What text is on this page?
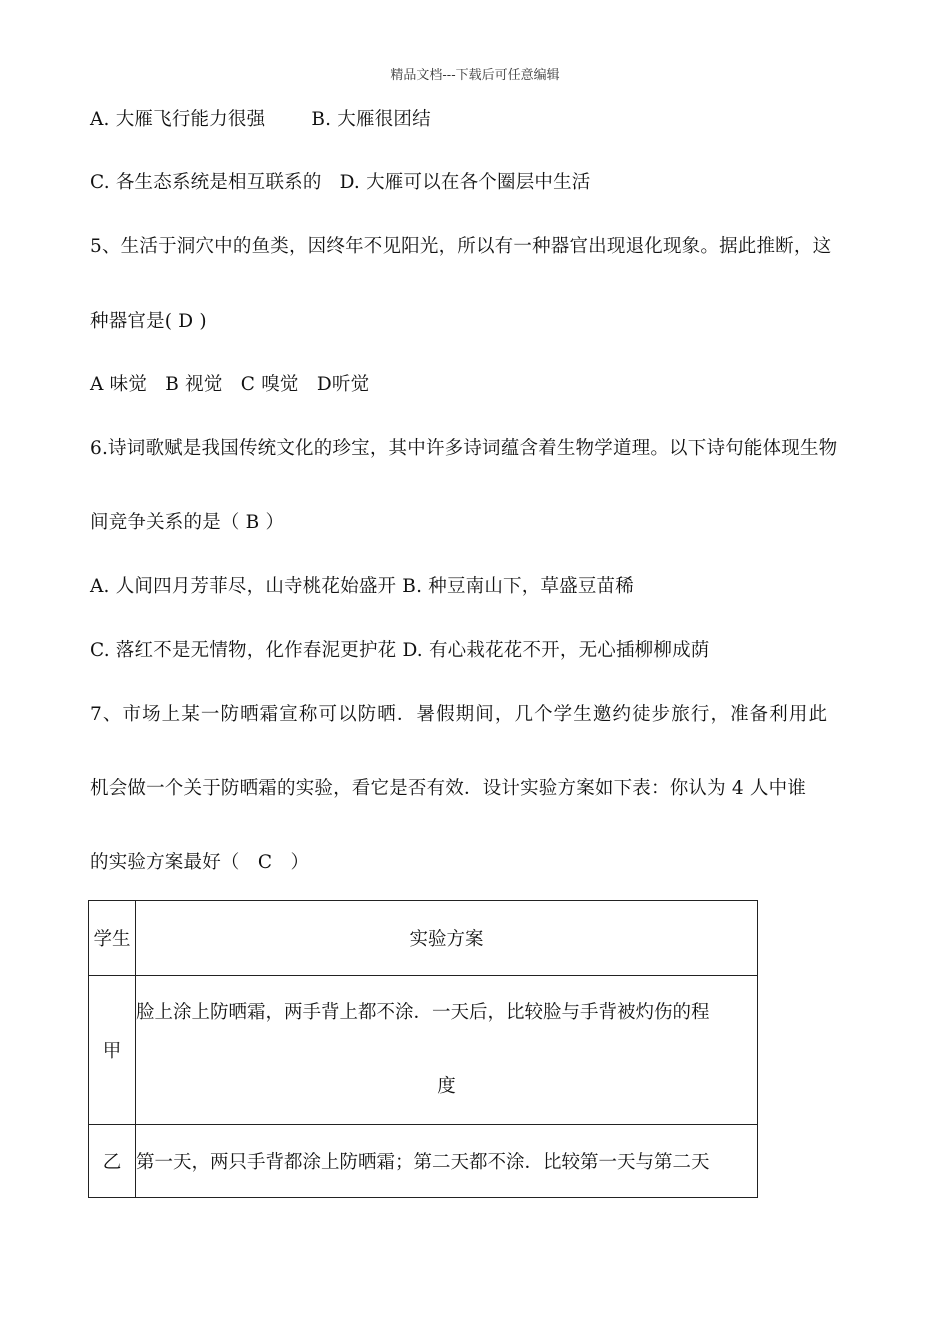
精品文档---下载后可任意编辑
A. 大雁飞行能力很强 B. 大雁很团结
C. 各生态系统是相互联系的 D. 大雁可以在各个圈层中生活
5、生活于洞穴中的鱼类，因终年不见阳光，所以有一种器官出现退化现象。据此推断，这
种器官是( D )
A 味觉   B 视觉   C 嗅觉   D听觉
6.诗词歌赋是我国传统文化的珍宝，其中许多诗词蕴含着生物学道理。以下诗句能体现生物
间竞争关系的是（ B ）
A. 人间四月芳菲尽，山寺桃花始盛开 B. 种豆南山下，草盛豆苗稀
C. 落红不是无情物，化作春泥更护花 D. 有心栽花花不开，无心插柳柳成荫
7、市场上某一防晒霜宣称可以防晒．暑假期间，几个学生邀约徒步旅行，准备利用此
机会做一个关于防晒霜的实验，看它是否有效．设计实验方案如下表：你认为 4 人中谁
的实验方案最好（   C   ）
学生	实验方案
甲	脸上涂上防晒霜，两手背上都不涂．一天后，比较脸与手背被灼伤的程
度

乙	第一天，两只手背都涂上防晒霜；第二天都不涂．比较第一天与第二天
